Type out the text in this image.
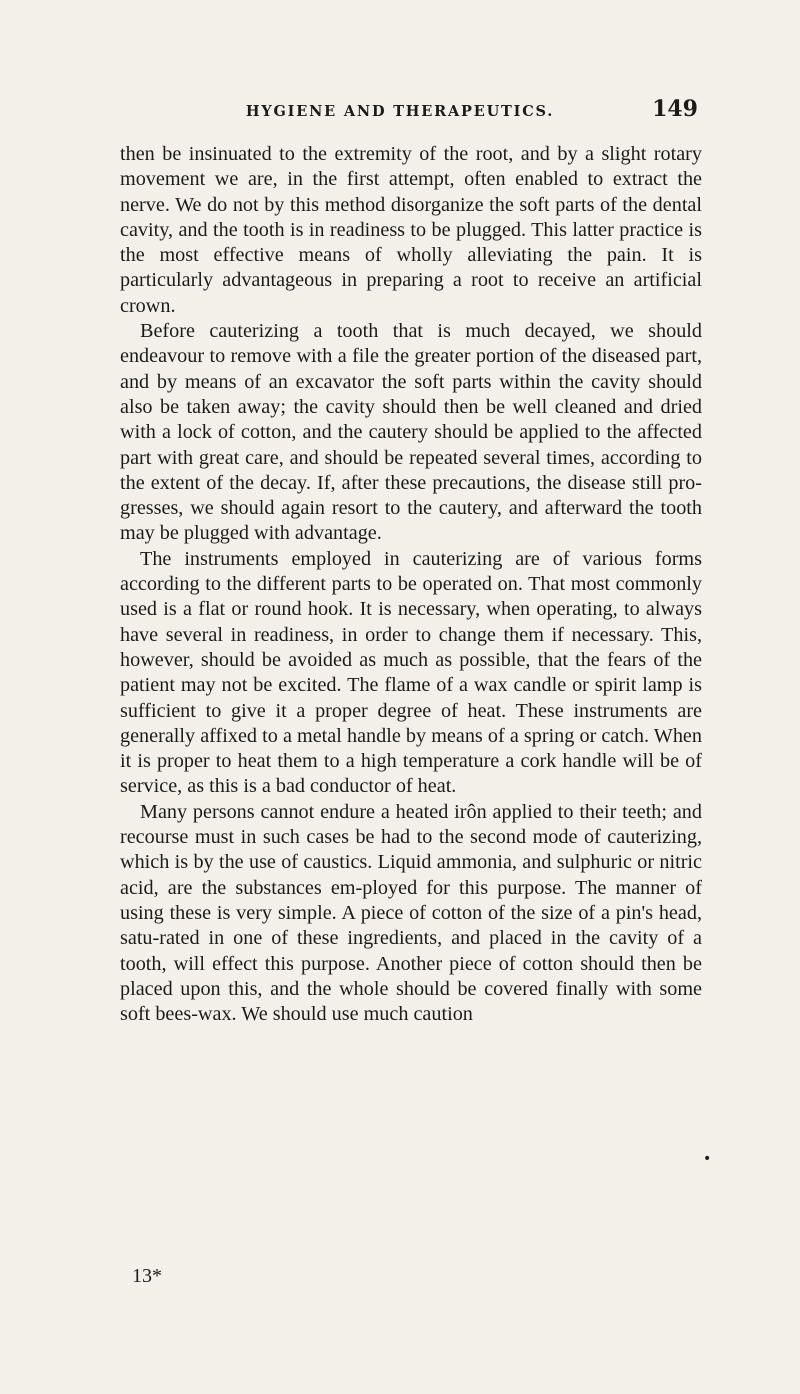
HYGIENE AND THERAPEUTICS.	149

then be insinuated to the extremity of the root, and by a slight rotary movement we are, in the first attempt, often enabled to extract the nerve. We do not by this method disorganize the soft parts of the dental cavity, and the tooth is in readiness to be plugged. This latter practice is the most effective means of wholly alleviating the pain. It is particularly advantageous in preparing a root to receive an artificial crown.

Before cauterizing a tooth that is much decayed, we should endeavour to remove with a file the greater portion of the diseased part, and by means of an excavator the soft parts within the cavity should also be taken away; the cavity should then be well cleaned and dried with a lock of cotton, and the cautery should be applied to the affected part with great care, and should be repeated several times, according to the extent of the decay. If, after these precautions, the disease still pro-gresses, we should again resort to the cautery, and afterward the tooth may be plugged with advantage.

The instruments employed in cauterizing are of various forms according to the different parts to be operated on. That most commonly used is a flat or round hook. It is necessary, when operating, to always have several in readiness, in order to change them if necessary. This, however, should be avoided as much as possible, that the fears of the patient may not be excited. The flame of a wax candle or spirit lamp is sufficient to give it a proper degree of heat. These instruments are generally affixed to a metal handle by means of a spring or catch. When it is proper to heat them to a high temperature a cork handle will be of service, as this is a bad conductor of heat.

Many persons cannot endure a heated irôn applied to their teeth; and recourse must in such cases be had to the second mode of cauterizing, which is by the use of caustics. Liquid ammonia, and sulphuric or nitric acid, are the substances em-ployed for this purpose. The manner of using these is very simple. A piece of cotton of the size of a pin's head, satu-rated in one of these ingredients, and placed in the cavity of a tooth, will effect this purpose. Another piece of cotton should then be placed upon this, and the whole should be covered finally with some soft bees-wax. We should use much caution

•
13*
